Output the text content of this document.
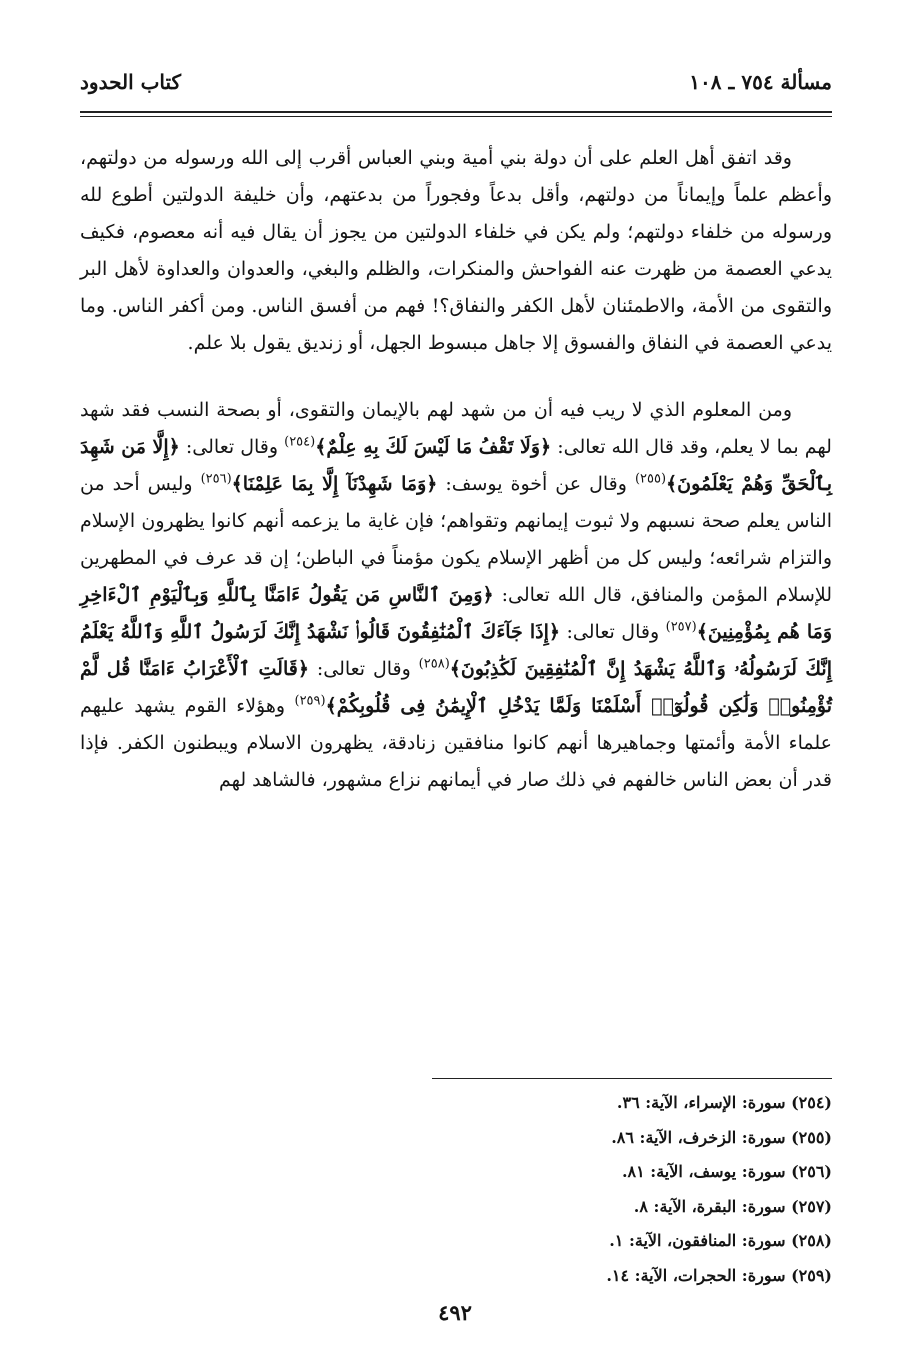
مسألة ٧٥٤ ـ ١٠٨
كتاب الحدود

وقد اتفق أهل العلم على أن دولة بني أمية وبني العباس أقرب إلى الله ورسوله من دولتهم، وأعظم علماً وإيماناً من دولتهم، وأقل بدعاً وفجوراً من بدعتهم، وأن خليفة الدولتين أطوع لله ورسوله من خلفاء دولتهم؛ ولم يكن في خلفاء الدولتين من يجوز أن يقال فيه أنه معصوم، فكيف يدعي العصمة من ظهرت عنه الفواحش والمنكرات، والظلم والبغي، والعدوان والعداوة لأهل البر والتقوى من الأمة، والاطمئنان لأهل الكفر والنفاق؟! فهم من أفسق الناس. ومن أكفر الناس. وما يدعي العصمة في النفاق والفسوق إلا جاهل مبسوط الجهل، أو زنديق يقول بلا علم.

ومن المعلوم الذي لا ريب فيه أن من شهد لهم بالإيمان والتقوى، أو بصحة النسب فقد شهد لهم بما لا يعلم، وقد قال الله تعالى: ﴿وَلَا تَقْفُ مَا لَيْسَ لَكَ بِهِ عِلْمٌ﴾$^{(٢٥٤)}$ وقال تعالى: ﴿إِلَّا مَن شَهِدَ بِٱلْحَقِّ وَهُمْ يَعْلَمُونَ﴾$^{(٢٥٥)}$ وقال عن أخوة يوسف: ﴿وَمَا شَهِدْنَآ إِلَّا بِمَا عَلِمْنَا﴾$^{(٢٥٦)}$ وليس أحد من الناس يعلم صحة نسبهم ولا ثبوت إيمانهم وتقواهم؛ فإن غاية ما يزعمه أنهم كانوا يظهرون الإسلام والتزام شرائعه؛ وليس كل من أظهر الإسلام يكون مؤمناً في الباطن؛ إن قد عرف في المطهرين للإسلام المؤمن والمنافق، قال الله تعالى: ﴿وَمِنَ ٱلنَّاسِ مَن يَقُولُ ءَامَنَّا بِٱللَّهِ وَبِٱلْيَوْمِ ٱلْءَاخِرِ وَمَا هُم بِمُؤْمِنِينَ﴾$^{(٢٥٧)}$ وقال تعالى: ﴿إِذَا جَآءَكَ ٱلْمُنَٰفِقُونَ قَالُوا۟ نَشْهَدُ إِنَّكَ لَرَسُولُ ٱللَّهِ وَٱللَّهُ يَعْلَمُ إِنَّكَ لَرَسُولُهُۥ وَٱللَّهُ يَشْهَدُ إِنَّ ٱلْمُنَٰفِقِينَ لَكَٰذِبُونَ﴾$^{(٢٥٨)}$ وقال تعالى: ﴿قَالَتِ ٱلْأَعْرَابُ ءَامَنَّا قُل لَّمْ تُؤْمِنُوا۟ وَلَٰكِن قُولُوٓا۟ أَسْلَمْنَا وَلَمَّا يَدْخُلِ ٱلْإِيمَٰنُ فِى قُلُوبِكُمْ﴾$^{(٢٥٩)}$ وهؤلاء القوم يشهد عليهم علماء الأمة وأئمتها وجماهيرها أنهم كانوا منافقين زنادقة، يظهرون الاسلام ويبطنون الكفر. فإذا قدر أن بعض الناس خالفهم في ذلك صار في أيمانهم نزاع مشهور، فالشاهد لهم

(٢٥٤) سورة: الإسراء، الآية: ٣٦.
(٢٥٥) سورة: الزخرف، الآية: ٨٦.
(٢٥٦) سورة: يوسف، الآية: ٨١.
(٢٥٧) سورة: البقرة، الآية: ٨.
(٢٥٨) سورة: المنافقون، الآية: ١.
(٢٥٩) سورة: الحجرات، الآية: ١٤.
٤٩٢
